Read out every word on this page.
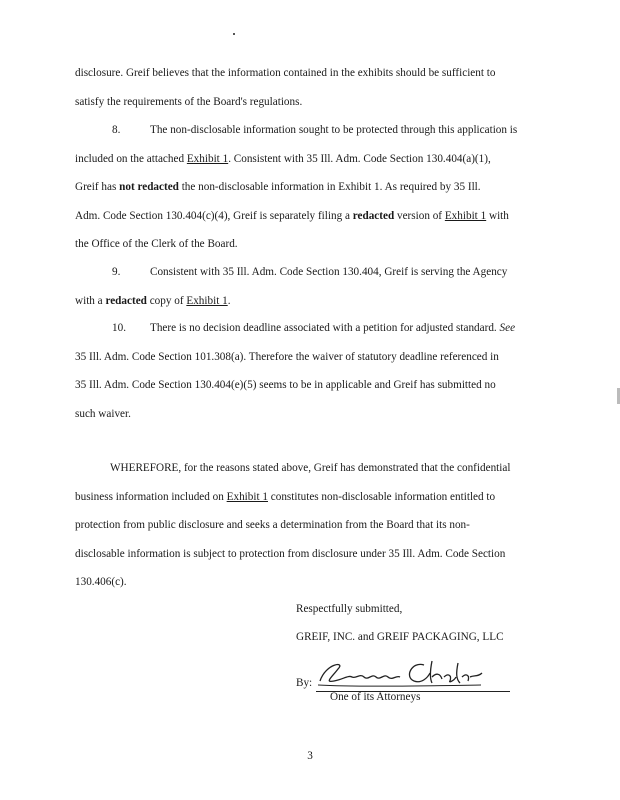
disclosure. Greif believes that the information contained in the exhibits should be sufficient to
satisfy the requirements of the Board's regulations.

8.	The non-disclosable information sought to be protected through this application is
included on the attached Exhibit 1. Consistent with 35 Ill. Adm. Code Section 130.404(a)(1),
Greif has not redacted the non-disclosable information in Exhibit 1. As required by 35 Ill.
Adm. Code Section 130.404(c)(4), Greif is separately filing a redacted version of Exhibit 1 with
the Office of the Clerk of the Board.

9.	Consistent with 35 Ill. Adm. Code Section 130.404, Greif is serving the Agency
with a redacted copy of Exhibit 1.

10. There is no decision deadline associated with a petition for adjusted standard. See
35 Ill. Adm. Code Section 101.308(a). Therefore the waiver of statutory deadline referenced in
35 Ill. Adm. Code Section 130.404(e)(5) seems to be in applicable and Greif has submitted no
such waiver.

WHEREFORE, for the reasons stated above, Greif has demonstrated that the confidential
business information included on Exhibit 1 constitutes non-disclosable information entitled to
protection from public disclosure and seeks a determination from the Board that its non-
disclosable information is subject to protection from disclosure under 35 Ill. Adm. Code Section
130.406(c).

Respectfully submitted,
GREIF, INC. and GREIF PACKAGING, LLC
By:
One of its Attorneys
3
